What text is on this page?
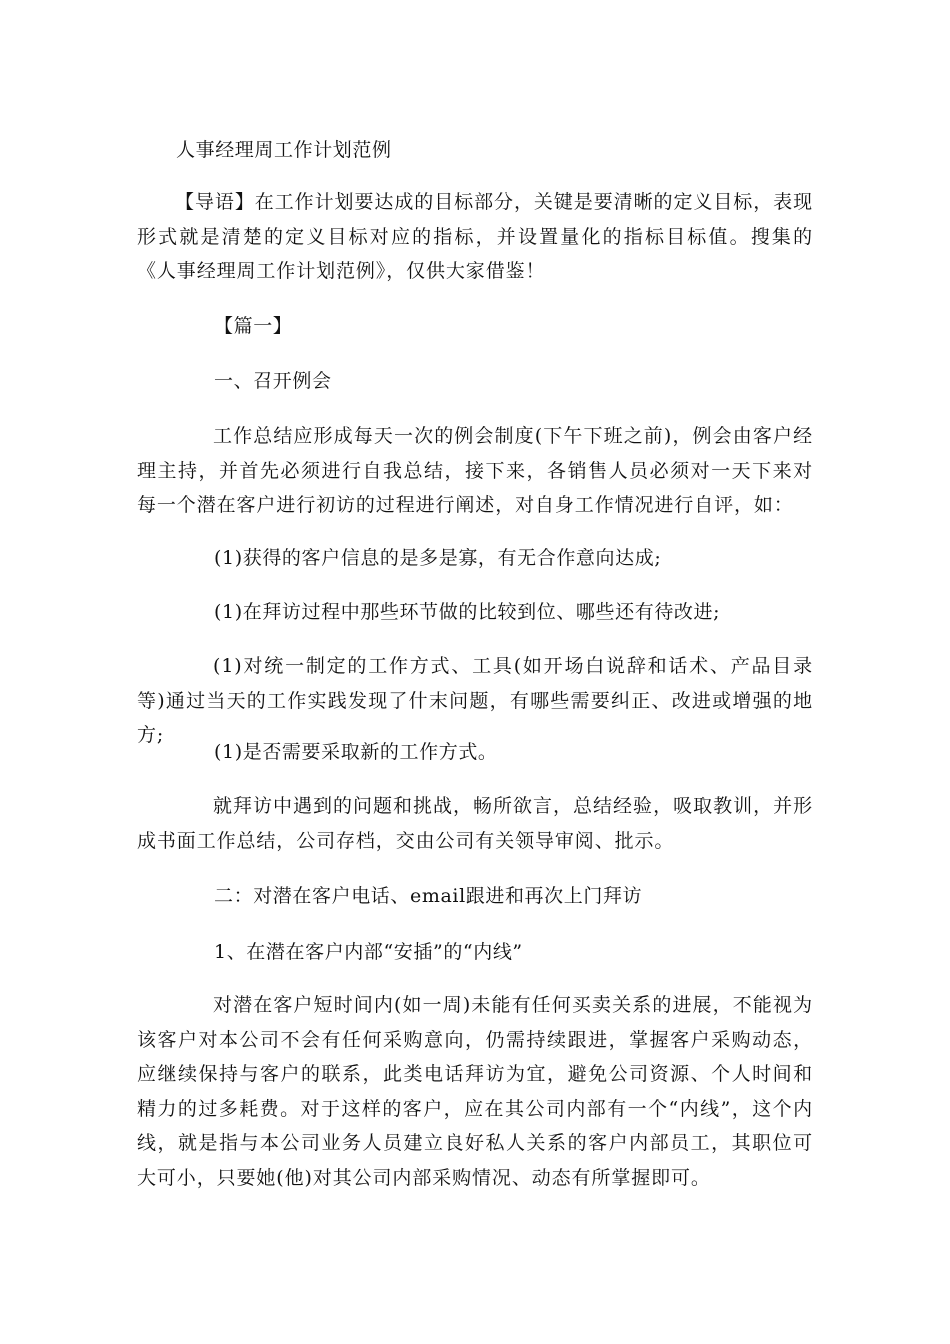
人事经理周工作计划范例

【导语】在工作计划要达成的目标部分，关键是要清晰的定义目标，表现形式就是清楚的定义目标对应的指标，并设置量化的指标目标值。搜集的《人事经理周工作计划范例》，仅供大家借鉴！

【篇一】
一、召开例会

工作总结应形成每天一次的例会制度(下午下班之前)，例会由客户经理主持，并首先必须进行自我总结，接下来，各销售人员必须对一天下来对每一个潜在客户进行初访的过程进行阐述，对自身工作情况进行自评，如：

(1)获得的客户信息的是多是寡，有无合作意向达成;
(1)在拜访过程中那些环节做的比较到位、哪些还有待改进;

(1)对统一制定的工作方式、工具(如开场白说辞和话术、产品目录等)通过当天的工作实践发现了什末问题，有哪些需要纠正、改进或增强的地方;

(1)是否需要采取新的工作方式。

就拜访中遇到的问题和挑战，畅所欲言，总结经验，吸取教训，并形成书面工作总结，公司存档，交由公司有关领导审阅、批示。

二：对潜在客户电话、email跟进和再次上门拜访
1、在潜在客户内部“安插”的“内线”

对潜在客户短时间内(如一周)未能有任何买卖关系的进展，不能视为该客户对本公司不会有任何采购意向，仍需持续跟进，掌握客户采购动态，应继续保持与客户的联系，此类电话拜访为宜，避免公司资源、个人时间和精力的过多耗费。对于这样的客户，应在其公司内部有一个“内线”，这个内线，就是指与本公司业务人员建立良好私人关系的客户内部员工，其职位可大可小，只要她(他)对其公司内部采购情况、动态有所掌握即可。
